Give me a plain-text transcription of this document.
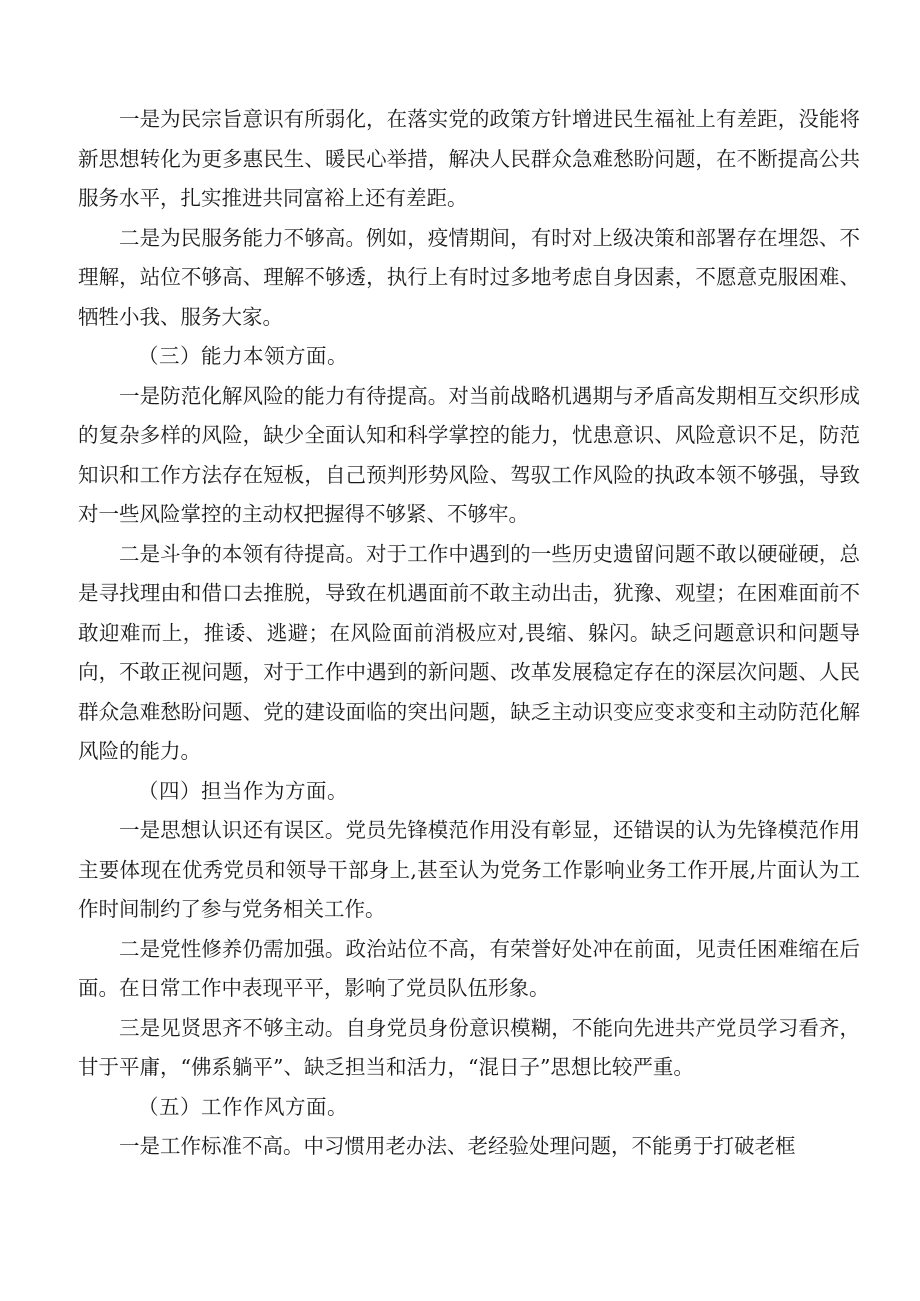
一是为民宗旨意识有所弱化，在落实党的政策方针增进民生福祉上有差距，没能将新思想转化为更多惠民生、暖民心举措，解决人民群众急难愁盼问题，在不断提高公共服务水平，扎实推进共同富裕上还有差距。

二是为民服务能力不够高。例如，疫情期间，有时对上级决策和部署存在埋怨、不理解，站位不够高、理解不够透，执行上有时过多地考虑自身因素，不愿意克服困难、牺牲小我、服务大家。

（三）能力本领方面。

一是防范化解风险的能力有待提高。对当前战略机遇期与矛盾高发期相互交织形成的复杂多样的风险，缺少全面认知和科学掌控的能力，忧患意识、风险意识不足，防范知识和工作方法存在短板，自己预判形势风险、驾驭工作风险的执政本领不够强，导致对一些风险掌控的主动权把握得不够紧、不够牢。

二是斗争的本领有待提高。对于工作中遇到的一些历史遗留问题不敢以硬碰硬，总是寻找理由和借口去推脱，导致在机遇面前不敢主动出击，犹豫、观望；在困难面前不敢迎难而上，推诿、逃避；在风险面前消极应对,畏缩、躲闪。缺乏问题意识和问题导向，不敢正视问题，对于工作中遇到的新问题、改革发展稳定存在的深层次问题、人民群众急难愁盼问题、党的建设面临的突出问题，缺乏主动识变应变求变和主动防范化解风险的能力。

（四）担当作为方面。

一是思想认识还有误区。党员先锋模范作用没有彰显，还错误的认为先锋模范作用主要体现在优秀党员和领导干部身上,甚至认为党务工作影响业务工作开展,片面认为工作时间制约了参与党务相关工作。

二是党性修养仍需加强。政治站位不高，有荣誉好处冲在前面，见责任困难缩在后面。在日常工作中表现平平，影响了党员队伍形象。

三是见贤思齐不够主动。自身党员身份意识模糊，不能向先进共产党员学习看齐，甘于平庸，“佛系躺平”、缺乏担当和活力，“混日子”思想比较严重。

（五）工作作风方面。

一是工作标准不高。中习惯用老办法、老经验处理问题，不能勇于打破老框
